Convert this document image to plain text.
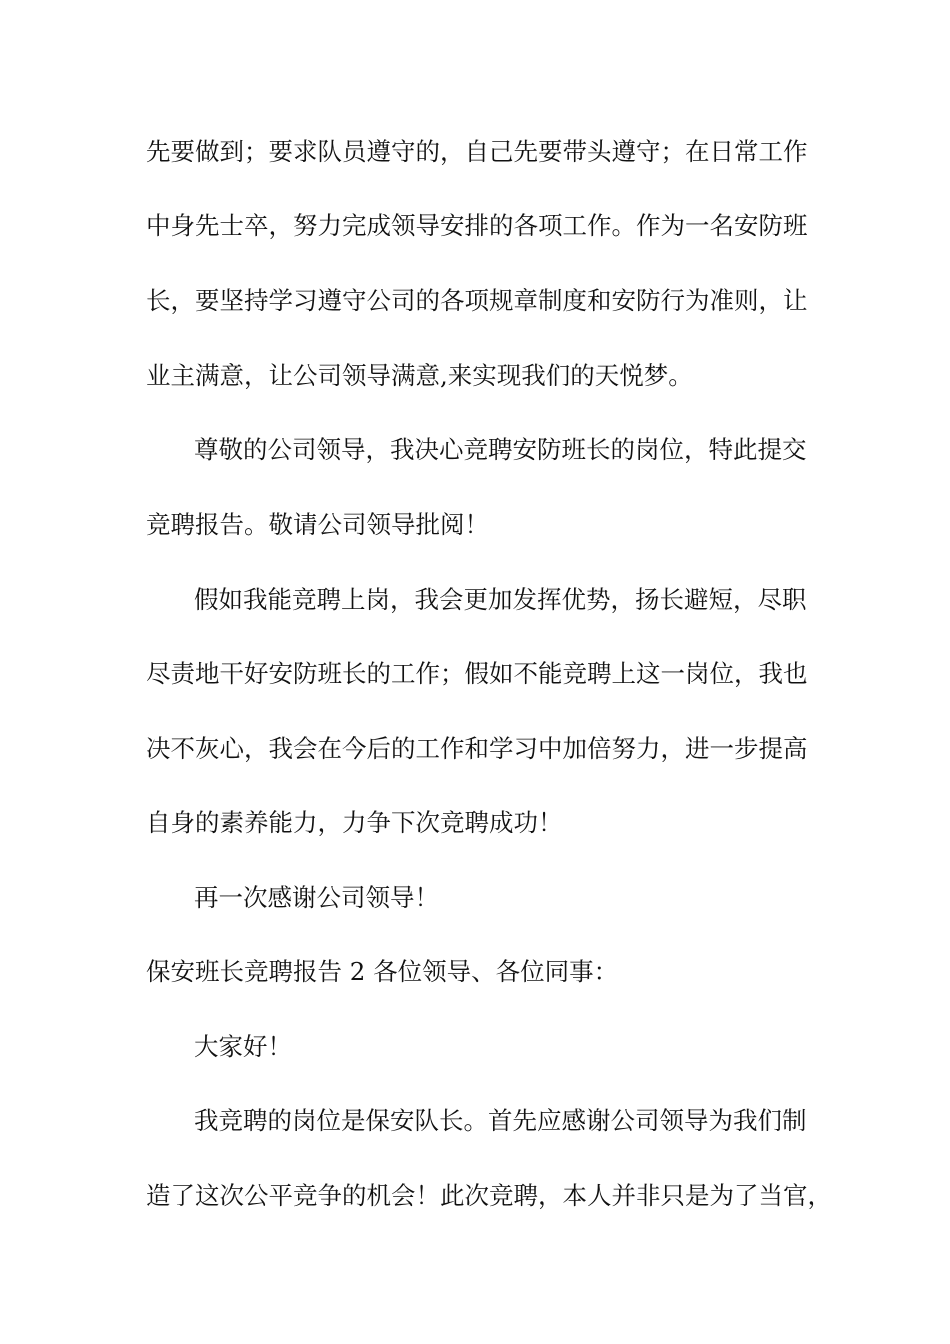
先要做到；要求队员遵守的，自己先要带头遵守；在日常工作

中身先士卒，努力完成领导安排的各项工作。作为一名安防班

长，要坚持学习遵守公司的各项规章制度和安防行为准则，让

业主满意，让公司领导满意,来实现我们的天悦梦。

尊敬的公司领导，我决心竞聘安防班长的岗位，特此提交

竞聘报告。敬请公司领导批阅！

假如我能竞聘上岗，我会更加发挥优势，扬长避短，尽职

尽责地干好安防班长的工作；假如不能竞聘上这一岗位，我也

决不灰心，我会在今后的工作和学习中加倍努力，进一步提高

自身的素养能力，力争下次竞聘成功！

再一次感谢公司领导！

保安班长竞聘报告 2 各位领导、各位同事：

大家好！

我竞聘的岗位是保安队长。首先应感谢公司领导为我们制

造了这次公平竞争的机会！此次竞聘，本人并非只是为了当官，
